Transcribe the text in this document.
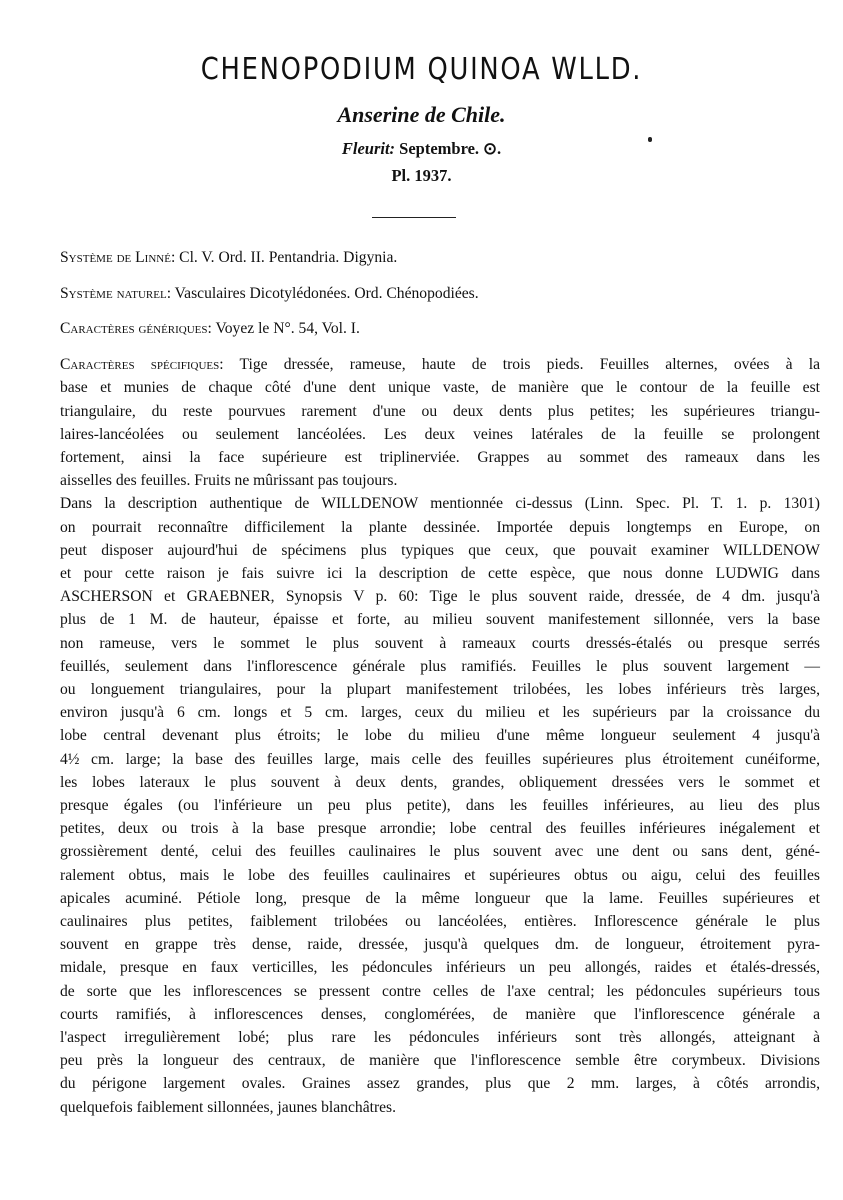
CHENOPODIUM QUINOA WLLD.
Anserine de Chile.
Fleurit: Septembre. ⊙.
Pl. 1937.

Système de Linné: Cl. V. Ord. II. Pentandria. Digynia.

Système naturel: Vasculaires Dicotylédonées. Ord. Chénopodiées.

Caractères génériques: Voyez le N°. 54, Vol. I.

Caractères spécifiques: Tige dressée, rameuse, haute de trois pieds. Feuilles alternes, ovées à la
base et munies de chaque côté d'une dent unique vaste, de manière que le contour de la feuille est
triangulaire, du reste pourvues rarement d'une ou deux dents plus petites; les supérieures triangu-
laires-lancéolées ou seulement lancéolées. Les deux veines latérales de la feuille se prolongent
fortement, ainsi la face supérieure est triplinerviée. Grappes au sommet des rameaux dans les
aisselles des feuilles. Fruits ne mûrissant pas toujours.
Dans la description authentique de WILLDENOW mentionnée ci-dessus (Linn. Spec. Pl. T. 1. p. 1301)
on pourrait reconnaître difficilement la plante dessinée. Importée depuis longtemps en Europe, on
peut disposer aujourd'hui de spécimens plus typiques que ceux, que pouvait examiner WILLDENOW
et pour cette raison je fais suivre ici la description de cette espèce, que nous donne LUDWIG dans
ASCHERSON et GRAEBNER, Synopsis V p. 60: Tige le plus souvent raide, dressée, de 4 dm. jusqu'à
plus de 1 M. de hauteur, épaisse et forte, au milieu souvent manifestement sillonnée, vers la base
non rameuse, vers le sommet le plus souvent à rameaux courts dressés-étalés ou presque serrés
feuillés, seulement dans l'inflorescence générale plus ramifiés. Feuilles le plus souvent largement —
ou longuement triangulaires, pour la plupart manifestement trilobées, les lobes inférieurs très larges,
environ jusqu'à 6 cm. longs et 5 cm. larges, ceux du milieu et les supérieurs par la croissance du
lobe central devenant plus étroits; le lobe du milieu d'une même longueur seulement 4 jusqu'à
4½ cm. large; la base des feuilles large, mais celle des feuilles supérieures plus étroitement cunéiforme,
les lobes lateraux le plus souvent à deux dents, grandes, obliquement dressées vers le sommet et
presque égales (ou l'inférieure un peu plus petite), dans les feuilles inférieures, au lieu des plus
petites, deux ou trois à la base presque arrondie; lobe central des feuilles inférieures inégalement et
grossièrement denté, celui des feuilles caulinaires le plus souvent avec une dent ou sans dent, géné-
ralement obtus, mais le lobe des feuilles caulinaires et supérieures obtus ou aigu, celui des feuilles
apicales acuminé. Pétiole long, presque de la même longueur que la lame. Feuilles supérieures et
caulinaires plus petites, faiblement trilobées ou lancéolées, entières. Inflorescence générale le plus
souvent en grappe très dense, raide, dressée, jusqu'à quelques dm. de longueur, étroitement pyra-
midale, presque en faux verticilles, les pédoncules inférieurs un peu allongés, raides et étalés-dressés,
de sorte que les inflorescences se pressent contre celles de l'axe central; les pédoncules supérieurs tous
courts ramifiés, à inflorescences denses, conglomérées, de manière que l'inflorescence générale a
l'aspect irregulièrement lobé; plus rare les pédoncules inférieurs sont très allongés, atteignant à
peu près la longueur des centraux, de manière que l'inflorescence semble être corymbeux. Divisions
du périgone largement ovales. Graines assez grandes, plus que 2 mm. larges, à côtés arrondis,
quelquefois faiblement sillonnées, jaunes blanchâtres.
